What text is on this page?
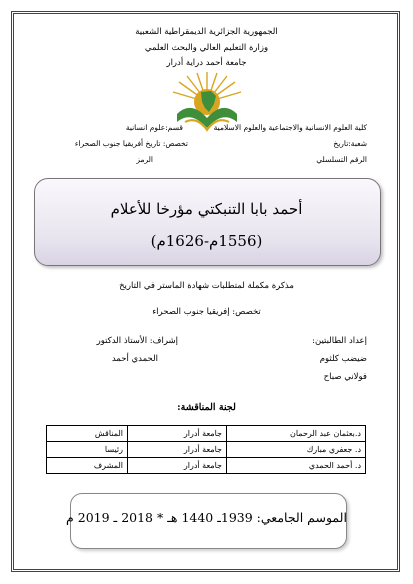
الجمهورية الجزائرية الديمقراطية الشعبية
وزارة التعليم العالي والبحث العلمي
جامعة أحمد دراية أدرار
كلية العلوم الانسانية والاجتماعية والعلوم الاسلامية
قسم:علوم انسانية
شعبة:تاريخ
تخصص: تاريخ أفريقيا جنوب الصحراء
الرقم التسلسلي
الرمز
أحمد بابا التنبكتي مؤرخا للأعلام
(1556م-1626م)
مذكرة مكملة لمتطلبات شهادة الماستر في التاريخ
تخصص: إفريقيا جنوب الصحراء
إعداد الطالبتين:
ضيضب كلثوم
فولاني صباح
إشراف: الأستاذ الدكتور
الحمدي أحمد
لجنة المناقشة:
د.بعثمان عبد الرحمان	جامعة أدرار	المناقش
د. جعفري مبارك	جامعة أدرار	رئيسا
د. أحمد الحمدي	جامعة أدرار	المشرف
الموسم الجامعي: 1939ـ 1440 هـ * 2018 ـ 2019 م
